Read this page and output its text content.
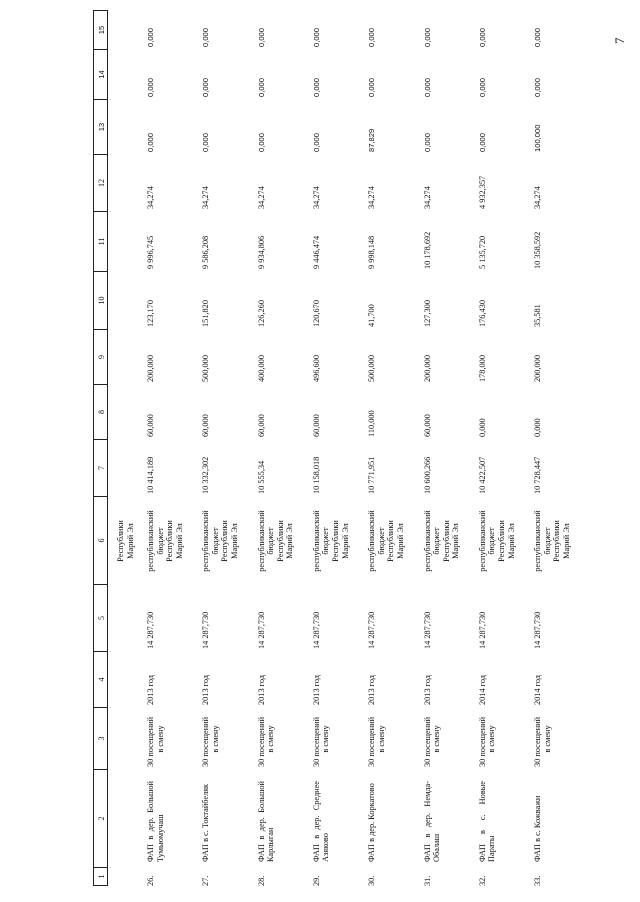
1
2
3
4
5
6
7
8
9
10
11
12
13
14
15
Республики Марий Эл
26.
ФАП в дер. Большой Тумьюмучаш
30 посещений в смену
2013 год
14 287,730
республиканский бюджет Республики Марий Эл
10 414,189
60,000
200,000
123,170
9 996,745
34,274
0,000
0,000
0,000
27.
ФАП в с. Токтайбеляк
30 посещений в смену
2013 год
14 287,730
республиканский бюджет Республики Марий Эл
10 332,302
60,000
500,000
151,820
9 586,208
34,274
0,000
0,000
0,000
28.
ФАП в дер. Большой Карлыган
30 посещений в смену
2013 год
14 287,730
республиканский бюджет Республики Марий Эл
10 555,34
60,000
400,000
126,260
9 934,806
34,274
0,000
0,000
0,000
29.
ФАП в дер. Среднее Азяково
30 посещений в смену
2013 год
14 287,730
республиканский бюджет Республики Марий Эл
10 158,018
60,000
496,600
120,670
9 446,474
34,274
0,000
0,000
0,000
30.
ФАП в дер. Коркатово
30 посещений в смену
2013 год
14 287,730
республиканский бюджет Республики Марий Эл
10 771,951
110,000
500,000
41,700
9 998,148
34,274
87,829
0,000
0,000
31.
ФАП в дер. Немда-Обалаш
30 посещений в смену
2013 год
14 287,730
республиканский бюджет Республики Марий Эл
10 600,266
60,000
200,000
127,300
10 178,692
34,274
0,000
0,000
0,000
32.
ФАП в с. Новые Параты
30 посещений в смену
2014 год
14 287,730
республиканский бюджет Республики Марий Эл
10 422,507
0,000
178,000
176,430
5 135,720
4 932,357
0,000
0,000
0,000
33.
ФАП в с. Кожважи
30 посещений в смену
2014 год
14 287,730
республиканский бюджет Республики Марий Эл
10 728,447
0,000
200,000
35,581
10 358,592
34,274
100,000
0,000
0,000	7
